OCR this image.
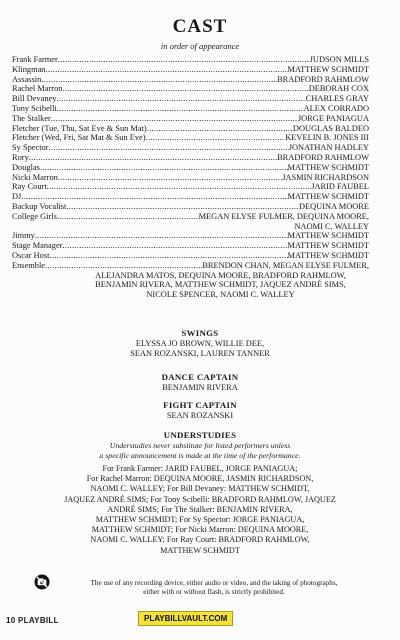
CAST
in order of appearance
Frank Farmer .....	JUDSON MILLS
Klingman .....	MATTHEW SCHMIDT
Assassin .....	BRADFORD RAHMLOW
Rachel Marron .....	DEBORAH COX
Bill Devaney .....	CHARLES GRAY
Tony Scibelli .....	ALEX CORRADO
The Stalker .....	JORGE PANIAGUA
Fletcher (Tue, Thu, Sat Eve & Sun Mat) .....	DOUGLAS BALDEO
Fletcher (Wed, Fri, Sat Mat & Sun Eve) .....	KEVELIN B. JONES III
Sy Spector .....	JONATHAN HADLEY
Rory .....	BRADFORD RAHMLOW
Douglas .....	MATTHEW SCHMIDT
Nicki Marron .....	JASMIN RICHARDSON
Ray Court .....	JARID FAUBEL
DJ .....	MATTHEW SCHMIDT
Backup Vocalist .....	DEQUINA MOORE
College Girls .....	MEGAN ELYSE FULMER, DEQUINA MOORE,
NAOMI C. WALLEY
Jimmy .....	MATTHEW SCHMIDT
Stage Manager .....	MATTHEW SCHMIDT
Oscar Host .....	MATTHEW SCHMIDT
Ensemble .....	BRENDON CHAN, MEGAN ELYSE FULMER,
ALEJANDRA MATOS, DEQUINA MOORE, BRADFORD RAHMLOW,
BENJAMIN RIVERA, MATTHEW SCHMIDT, JAQUEZ ANDRÉ SIMS,
NICOLE SPENCER, NAOMI C. WALLEY
SWINGS
ELYSSA JO BROWN, WILLIE DEE,
SEAN ROZANSKI, LAUREN TANNER
DANCE CAPTAIN
BENJAMIN RIVERA
FIGHT CAPTAIN
SEAN ROZANSKI
UNDERSTUDIES
Understudies never substitute for listed performers unless
a specific announcement is made at the time of the performance.
For Frank Farmer: JARID FAUBEL, JORGE PANIAGUA;
For Rachel Marron: DEQUINA MOORE, JASMIN RICHARDSON,
NAOMI C. WALLEY; For Bill Devaney: MATTHEW SCHMIDT,
JAQUEZ ANDRÉ SIMS; For Tony Scibelli: BRADFORD RAHMLOW, JAQUEZ
ANDRÉ SIMS; For The Stalker: BENJAMIN RIVERA,
MATTHEW SCHMIDT; For Sy Spector: JORGE PANIAGUA,
MATTHEW SCHMIDT; For Nicki Marron: DEQUINA MOORE,
NAOMI C. WALLEY; For Ray Court: BRADFORD RAHMLOW,
MATTHEW SCHMIDT
The use of any recording device, either audio or video, and the taking of photographs,
either with or without flash, is strictly prohibited.
10 PLAYBILL	PLAYBILLVAULT.COM
